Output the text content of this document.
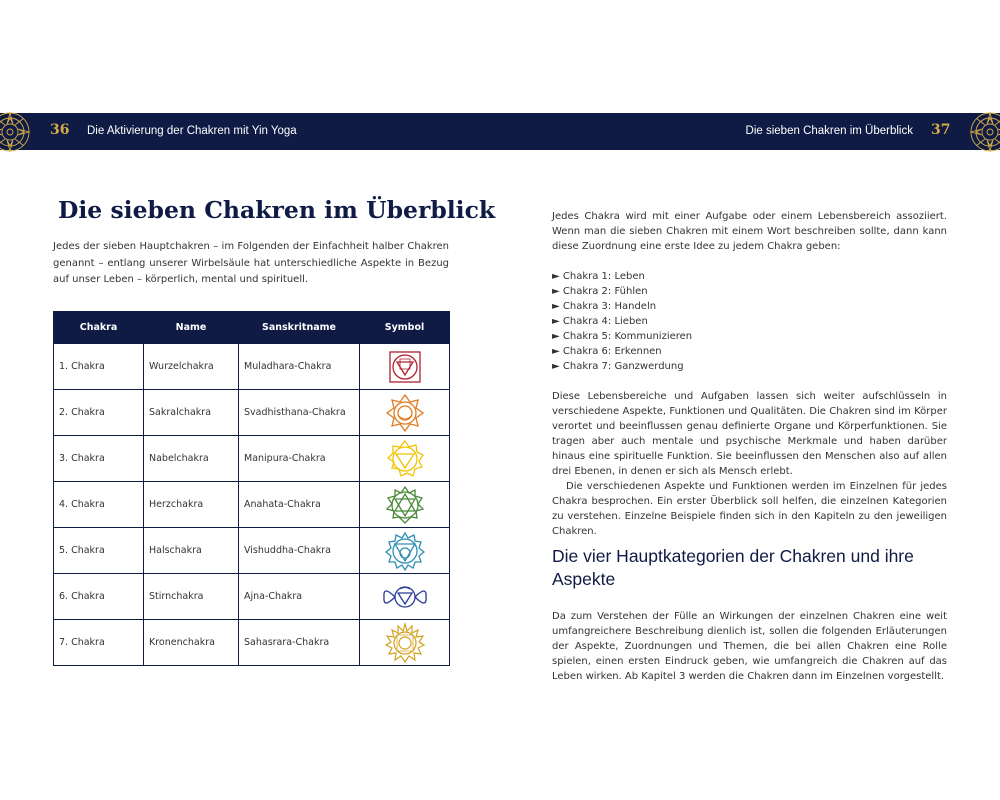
36 Die Aktivierung der Chakren mit Yin Yoga	Die sieben Chakren im Überblick 37
Die sieben Chakren im Überblick

Jedes der sieben Hauptchakren – im Folgenden der Einfachheit halber Chakren genannt – entlang unserer Wirbelsäule hat unterschiedliche Aspekte in Bezug auf unser Leben – körperlich, mental und spirituell.

Chakra	Name	Sanskritname	Symbol
1. Chakra	Wurzelchakra	Muladhara-Chakra	

2. Chakra	Sakralchakra	Svadhisthana-Chakra	

3. Chakra	Nabelchakra	Manipura-Chakra	

4. Chakra	Herzchakra	Anahata-Chakra	

5. Chakra	Halschakra	Vishuddha-Chakra	

6. Chakra	Stirnchakra	Ajna-Chakra	

7. Chakra	Kronenchakra	Sahasrara-Chakra	

Jedes Chakra wird mit einer Aufgabe oder einem Lebensbereich assoziiert. Wenn man die sieben Chakren mit einem Wort beschreiben sollte, dann kann diese Zuordnung eine erste Idee zu jedem Chakra geben:

► Chakra 1: Leben
► Chakra 2: Fühlen
► Chakra 3: Handeln
► Chakra 4: Lieben
► Chakra 5: Kommunizieren
► Chakra 6: Erkennen
► Chakra 7: Ganzwerdung

Diese Lebensbereiche und Aufgaben lassen sich weiter aufschlüsseln in verschiedene Aspekte, Funktionen und Qualitäten. Die Chakren sind im Körper verortet und beeinflussen genau definierte Organe und Körperfunktionen. Sie tragen aber auch mentale und psychische Merkmale und haben darüber hinaus eine spirituelle Funktion. Sie beeinflussen den Menschen also auf allen drei Ebenen, in denen er sich als Mensch erlebt.

Die verschiedenen Aspekte und Funktionen werden im Einzelnen für jedes Chakra besprochen. Ein erster Überblick soll helfen, die einzelnen Kategorien zu verstehen. Einzelne Beispiele finden sich in den Kapiteln zu den jeweiligen Chakren.

Die vier Hauptkategorien der Chakren und ihre Aspekte

Da zum Verstehen der Fülle an Wirkungen der einzelnen Chakren eine weit umfangreichere Beschreibung dienlich ist, sollen die folgenden Erläuterungen der Aspekte, Zuordnungen und Themen, die bei allen Chakren eine Rolle spielen, einen ersten Eindruck geben, wie umfangreich die Chakren auf das Leben wirken. Ab Kapitel 3 werden die Chakren dann im Einzelnen vorgestellt.
